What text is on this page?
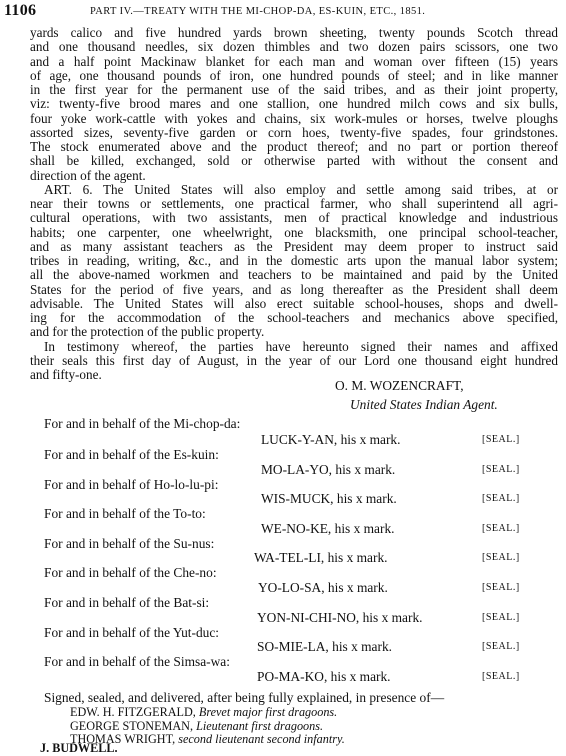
1106	PART IV.—TREATY WITH THE MI-CHOP-DA, ES-KUIN, ETC., 1851.
yards calico and five hundred yards brown sheeting, twenty pounds Scotch thread
and one thousand needles, six dozen thimbles and two dozen pairs scissors, one two
and a half point Mackinaw blanket for each man and woman over fifteen (15) years
of age, one thousand pounds of iron, one hundred pounds of steel; and in like manner
in the first year for the permanent use of the said tribes, and as their joint property,
viz: twenty-five brood mares and one stallion, one hundred milch cows and six bulls,
four yoke work-cattle with yokes and chains, six work-mules or horses, twelve ploughs
assorted sizes, seventy-five garden or corn hoes, twenty-five spades, four grindstones.
The stock enumerated above and the product thereof; and no part or portion thereof
shall be killed, exchanged, sold or otherwise parted with without the consent and
direction of the agent.
ART. 6. The United States will also employ and settle among said tribes, at or
near their towns or settlements, one practical farmer, who shall superintend all agri-
cultural operations, with two assistants, men of practical knowledge and industrious
habits; one carpenter, one wheelwright, one blacksmith, one principal school-teacher,
and as many assistant teachers as the President may deem proper to instruct said
tribes in reading, writing, &c., and in the domestic arts upon the manual labor system;
all the above-named workmen and teachers to be maintained and paid by the United
States for the period of five years, and as long thereafter as the President shall deem
advisable. The United States will also erect suitable school-houses, shops and dwell-
ing for the accommodation of the school-teachers and mechanics above specified,
and for the protection of the public property.
In testimony whereof, the parties have hereunto signed their names and affixed
their seals this first day of August, in the year of our Lord one thousand eight hundred
and fifty-one.
O. M. WOZENCRAFT,
United States Indian Agent.
For and in behalf of the Mi-chop-da:
LUCK-Y-AN, his x mark.	[SEAL.]
For and in behalf of the Es-kuin:
MO-LA-YO, his x mark.	[SEAL.]
For and in behalf of Ho-lo-lu-pi:
WIS-MUCK, his x mark.	[SEAL.]
For and in behalf of the To-to:
WE-NO-KE, his x mark.	[SEAL.]
For and in behalf of the Su-nus:
WA-TEL-LI, his x mark.	[SEAL.]
For and in behalf of the Che-no:
YO-LO-SA, his x mark.	[SEAL.]
For and in behalf of the Bat-si:
YON-NI-CHI-NO, his x mark.	[SEAL.]
For and in behalf of the Yut-duc:
SO-MIE-LA, his x mark.	[SEAL.]
For and in behalf of the Simsa-wa:
PO-MA-KO, his x mark.	[SEAL.]
Signed, sealed, and delivered, after being fully explained, in presence of—
EDW. H. FITZGERALD, Brevet major first dragoons.
GEORGE STONEMAN, Lieutenant first dragoons.
THOMAS WRIGHT, second lieutenant second infantry.
J. BUDWELL.
